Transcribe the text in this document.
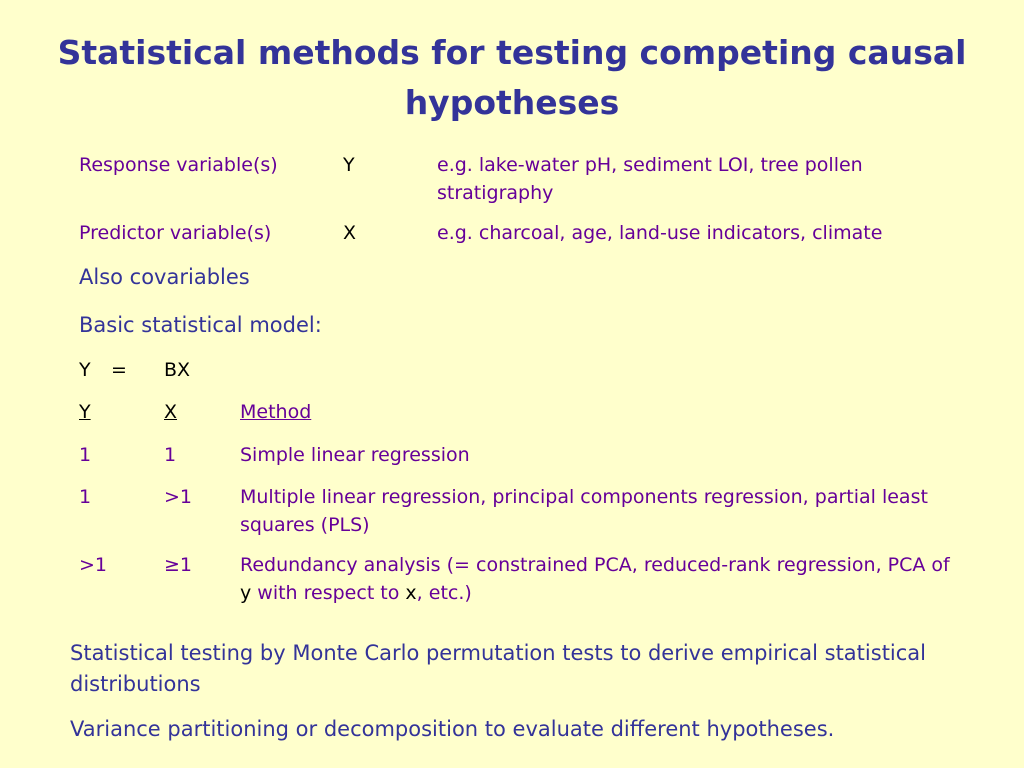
Statistical methods for testing competing causal hypotheses
Response variable(s)	Y	e.g. lake-water pH, sediment LOI, tree pollen stratigraphy
Predictor variable(s)	X	e.g. charcoal, age, land-use indicators, climate
Also covariables
Basic statistical model:
Y = BX
Y	X	Method
1	1	Simple linear regression
1	>1	Multiple linear regression, principal components regression, partial least squares (PLS)
>1	≥1	Redundancy analysis (= constrained PCA, reduced-rank regression, PCA of y with respect to x, etc.)
Statistical testing by Monte Carlo permutation tests to derive empirical statistical distributions
Variance partitioning or decomposition to evaluate different hypotheses.
